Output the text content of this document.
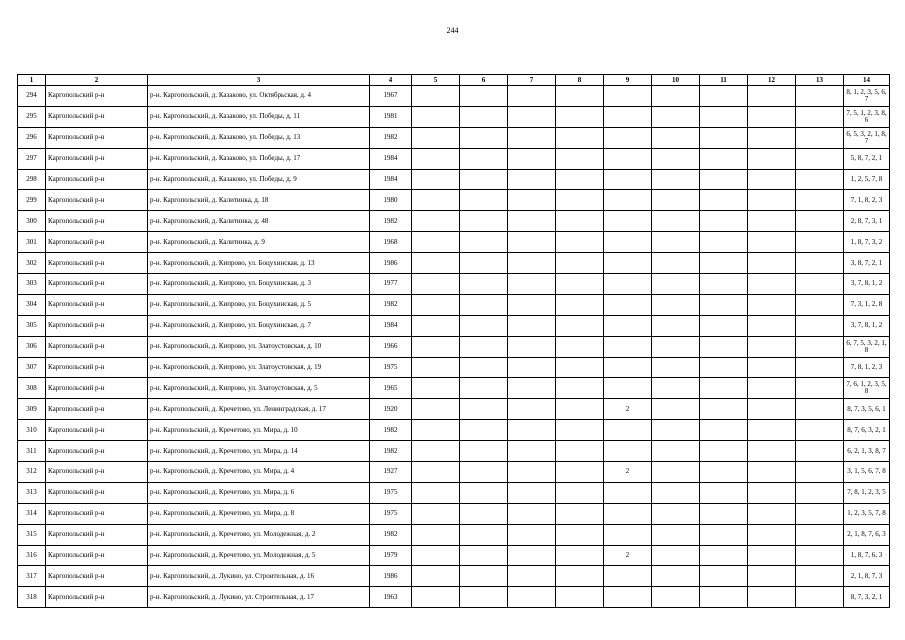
244
1	2	3	4	5	6	7	8	9	10	11	12	13	14
294	Каргопольский р-н	р-н. Каргопольский, д. Казаково, ул. Октябрьская, д. 4	1967										8, 1, 2, 3, 5, 6, 7
295	Каргопольский р-н	р-н. Каргопольский, д. Казаково, ул. Победы, д. 11	1981										7, 5, 1, 2, 3, 8, 6
296	Каргопольский р-н	р-н. Каргопольский, д. Казаково, ул. Победы, д. 13	1982										6, 5, 3, 2, 1, 8, 7
297	Каргопольский р-н	р-н. Каргопольский, д. Казаково, ул. Победы, д. 17	1984										5, 8, 7, 2, 1
298	Каргопольский р-н	р-н. Каргопольский, д. Казаково, ул. Победы, д. 9	1984										1, 2, 5, 7, 8
299	Каргопольский р-н	р-н. Каргопольский, д. Калитинка, д. 18	1980										7, 1, 8, 2, 3
300	Каргопольский р-н	р-н. Каргопольский, д. Калитинка, д. 48	1982										2, 8, 7, 3, 1
301	Каргопольский р-н	р-н. Каргопольский, д. Калитинка, д. 9	1968										1, 8, 7, 3, 2
302	Каргопольский р-н	р-н. Каргопольский, д. Кипрово, ул. Боцухинская, д. 13	1986										3, 8, 7, 2, 1
303	Каргопольский р-н	р-н. Каргопольский, д. Кипрово, ул. Боцухинская, д. 3	1977										3, 7, 8, 1, 2
304	Каргопольский р-н	р-н. Каргопольский, д. Кипрово, ул. Боцухинская, д. 5	1982										7, 3, 1, 2, 8
305	Каргопольский р-н	р-н. Каргопольский, д. Кипрово, ул. Боцухинская, д. 7	1984										3, 7, 8, 1, 2
306	Каргопольский р-н	р-н. Каргопольский, д. Кипрово, ул. Златоустовская, д. 10	1966										6, 7, 5, 3, 2, 1, 8
307	Каргопольский р-н	р-н. Каргопольский, д. Кипрово, ул. Златоустовская, д. 19	1975										7, 8, 1, 2, 3
308	Каргопольский р-н	р-н. Каргопольский, д. Кипрово, ул. Златоустовская, д. 5	1965										7, 6, 1, 2, 3, 5, 8
309	Каргопольский р-н	р-н. Каргопольский, д. Кречетово, ул. Ленинградская, д. 17	1920					2					8, 7, 3, 5, 6, 1
310	Каргопольский р-н	р-н. Каргопольский, д. Кречетово, ул. Мира, д. 10	1982										8, 7, 6, 3, 2, 1
311	Каргопольский р-н	р-н. Каргопольский, д. Кречетово, ул. Мира, д. 14	1982										6, 2, 1, 3, 8, 7
312	Каргопольский р-н	р-н. Каргопольский, д. Кречетово, ул. Мира, д. 4	1927					2					3, 1, 5, 6, 7, 8
313	Каргопольский р-н	р-н. Каргопольский, д. Кречетово, ул. Мира, д. 6	1975										7, 8, 1, 2, 3, 5
314	Каргопольский р-н	р-н. Каргопольский, д. Кречетово, ул. Мира, д. 8	1975										1, 2, 3, 5, 7, 8
315	Каргопольский р-н	р-н. Каргопольский, д. Кречетово, ул. Молодежная, д. 2	1982										2, 1, 8, 7, 6, 3
316	Каргопольский р-н	р-н. Каргопольский, д. Кречетово, ул. Молодежная, д. 5	1979					2					1, 8, 7, 6, 3
317	Каргопольский р-н	р-н. Каргопольский, д. Лукино, ул. Строительная, д. 16	1986										2, 1, 8, 7, 3
318	Каргопольский р-н	р-н. Каргопольский, д. Лукино, ул. Строительная, д. 17	1963										8, 7, 3, 2, 1
